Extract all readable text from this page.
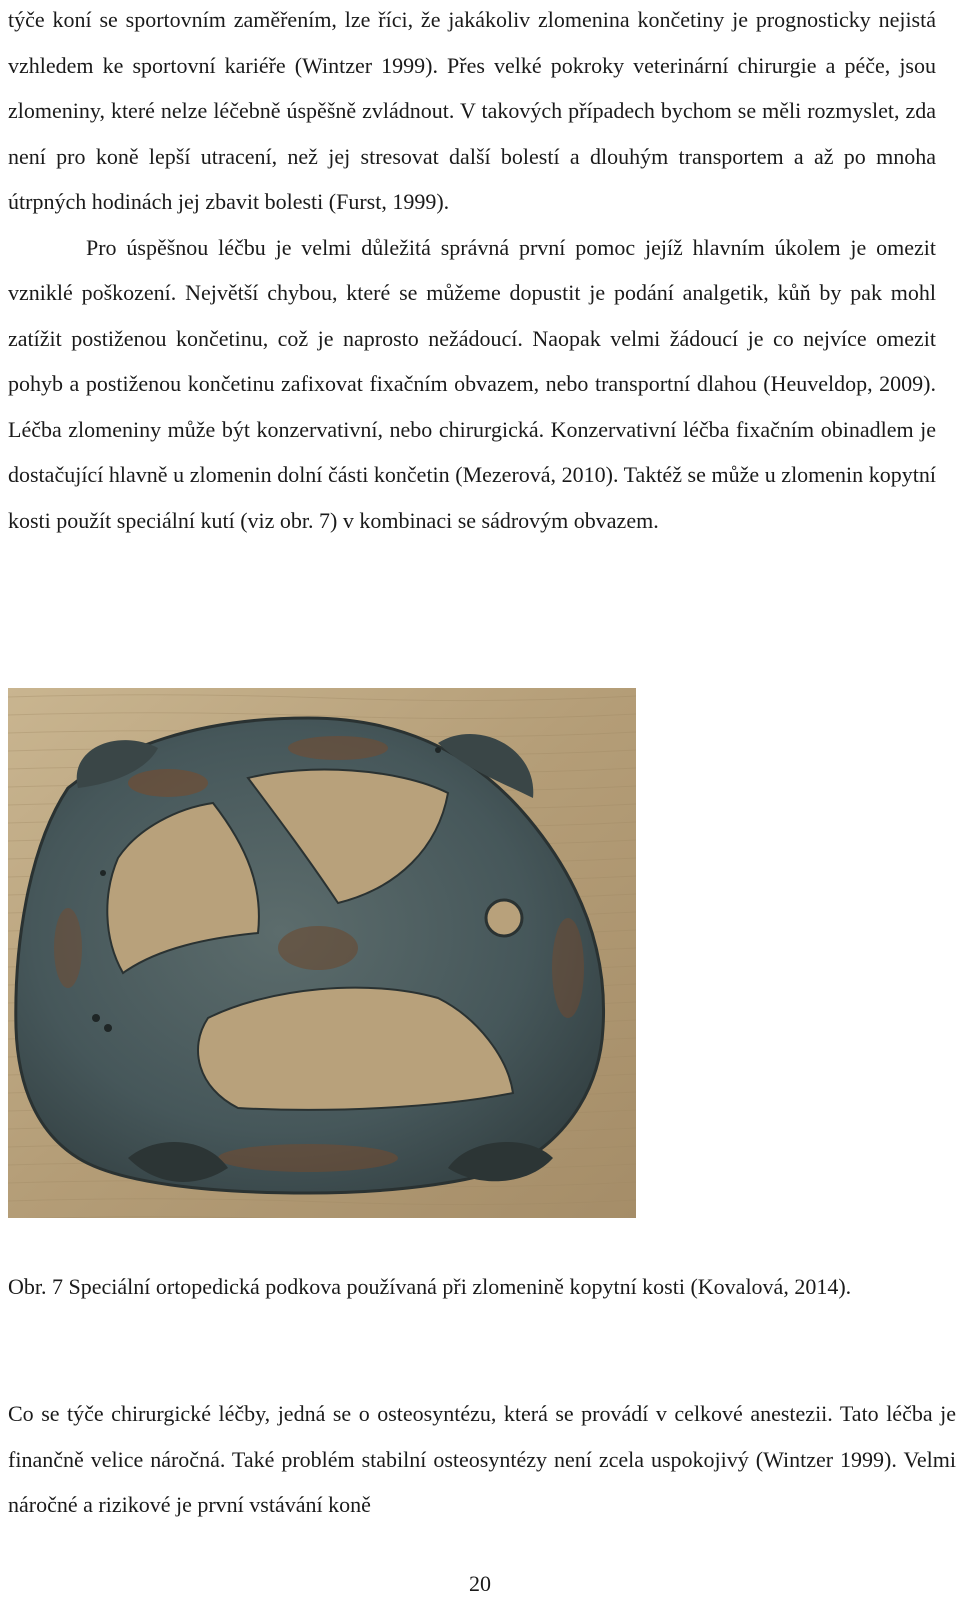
týče koní se sportovním zaměřením, lze říci, že jakákoliv zlomenina končetiny je prognosticky nejistá vzhledem ke sportovní kariéře (Wintzer 1999). Přes velké pokroky veterinární chirurgie a péče, jsou zlomeniny, které nelze léčebně úspěšně zvládnout. V takových případech bychom se měli rozmyslet, zda není pro koně lepší utracení, než jej stresovat další bolestí a dlouhým transportem a až po mnoha útrpných hodinách jej zbavit bolesti (Furst, 1999).

Pro úspěšnou léčbu je velmi důležitá správná první pomoc jejíž hlavním úkolem je omezit vzniklé poškození. Největší chybou, které se můžeme dopustit je podání analgetik, kůň by pak mohl zatížit postiženou končetinu, což je naprosto nežádoucí. Naopak velmi žádoucí je co nejvíce omezit pohyb a postiženou končetinu zafixovat fixačním obvazem, nebo transportní dlahou (Heuveldop, 2009). Léčba zlomeniny může být konzervativní, nebo chirurgická. Konzervativní léčba fixačním obinadlem je dostačující hlavně u zlomenin dolní části končetin (Mezerová, 2010). Taktéž se může u zlomenin kopytní kosti použít speciální kutí (viz obr. 7) v kombinaci se sádrovým obvazem.

Obr. 7 Speciální ortopedická podkova používaná při zlomenině kopytní kosti (Kovalová, 2014).

Co se týče chirurgické léčby, jedná se o osteosyntézu, která se provádí v celkové anestezii. Tato léčba je finančně velice náročná. Také problém stabilní osteosyntézy není zcela uspokojivý (Wintzer 1999). Velmi náročné a rizikové je první vstávání koně

20
